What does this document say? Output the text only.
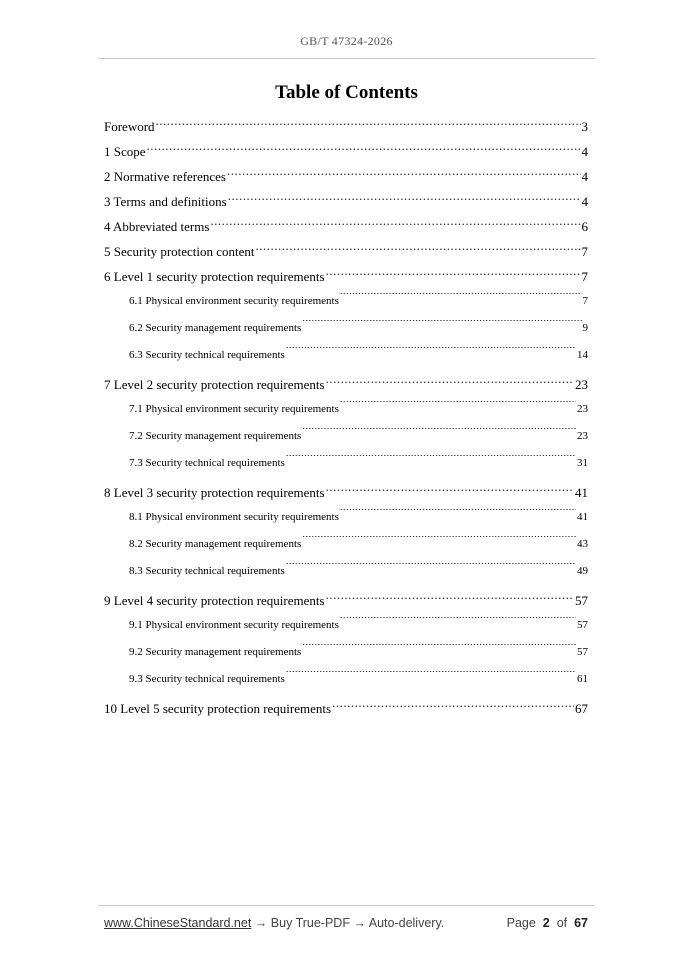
GB/T 47324-2026
Table of Contents
Foreword .....	3
1 Scope .....	4
2 Normative references .....	4
3 Terms and definitions .....	4
4 Abbreviated terms .....	6
5 Security protection content .....	7
6 Level 1 security protection requirements .....	7
6.1 Physical environment security requirements .....	7
6.2 Security management requirements .....	9
6.3 Security technical requirements .....	14
7 Level 2 security protection requirements .....	23
7.1 Physical environment security requirements .....	23
7.2 Security management requirements .....	23
7.3 Security technical requirements .....	31
8 Level 3 security protection requirements .....	41
8.1 Physical environment security requirements .....	41
8.2 Security management requirements .....	43
8.3 Security technical requirements .....	49
9 Level 4 security protection requirements .....	57
9.1 Physical environment security requirements .....	57
9.2 Security management requirements .....	57
9.3 Security technical requirements .....	61
10 Level 5 security protection requirements .....	67
www.ChineseStandard.net → Buy True-PDF → Auto-delivery.	Page 2 of 67
